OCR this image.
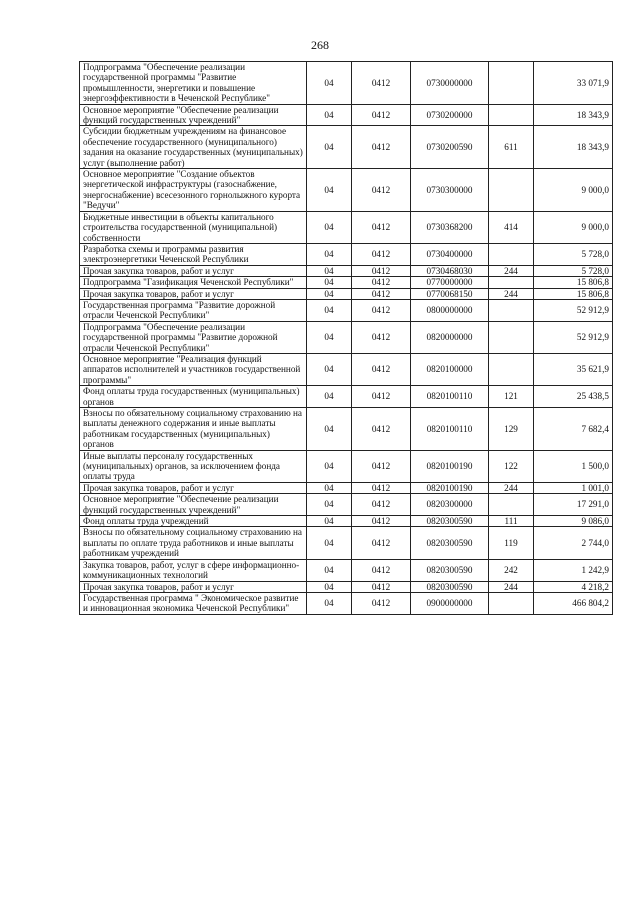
268
Подпрограмма "Обеспечение реализации государственной программы "Развитие промышленности, энергетики и повышение энергоэффективности в Чеченской Республике"	04	0412	0730000000		33 071,9
Основное мероприятие "Обеспечение реализации функций государственных учреждений"	04	0412	0730200000		18 343,9
Субсидии бюджетным учреждениям на финансовое обеспечение государственного (муниципального) задания на оказание государственных (муниципальных) услуг (выполнение работ)	04	0412	0730200590	611	18 343,9
Основное мероприятие "Создание объектов энергетической инфраструктуры (газоснабжение, энергоснабжение) всесезонного горнолыжного курорта "Ведучи"	04	0412	0730300000		9 000,0
Бюджетные инвестиции в объекты капитального строительства государственной (муниципальной) собственности	04	0412	0730368200	414	9 000,0
Разработка схемы и программы развития электроэнергетики Чеченской Республики	04	0412	0730400000		5 728,0
Прочая закупка товаров, работ и услуг	04	0412	0730468030	244	5 728,0
Подпрограмма "Газификация Чеченской Республики"	04	0412	0770000000		15 806,8
Прочая закупка товаров, работ и услуг	04	0412	0770068150	244	15 806,8
Государственная программа "Развитие дорожной отрасли Чеченской Республики"	04	0412	0800000000		52 912,9
Подпрограмма "Обеспечение реализации государственной программы "Развитие дорожной отрасли Чеченской Республики"	04	0412	0820000000		52 912,9
Основное мероприятие "Реализация функций аппаратов исполнителей и участников государственной программы"	04	0412	0820100000		35 621,9
Фонд оплаты труда государственных (муниципальных) органов	04	0412	0820100110	121	25 438,5
Взносы по обязательному социальному страхованию на выплаты денежного содержания и иные выплаты работникам государственных (муниципальных) органов	04	0412	0820100110	129	7 682,4
Иные выплаты персоналу государственных (муниципальных) органов, за исключением фонда оплаты труда	04	0412	0820100190	122	1 500,0
Прочая закупка товаров, работ и услуг	04	0412	0820100190	244	1 001,0
Основное мероприятие "Обеспечение реализации функций государственных учреждений"	04	0412	0820300000		17 291,0
Фонд оплаты труда учреждений	04	0412	0820300590	111	9 086,0
Взносы по обязательному социальному страхованию на выплаты по оплате труда работников и иные выплаты работникам учреждений	04	0412	0820300590	119	2 744,0
Закупка товаров, работ, услуг в сфере информационно-коммуникационных технологий	04	0412	0820300590	242	1 242,9
Прочая закупка товаров, работ и услуг	04	0412	0820300590	244	4 218,2
Государственная программа " Экономическое развитие и инновационная экономика Чеченской Республики"	04	0412	0900000000		466 804,2
